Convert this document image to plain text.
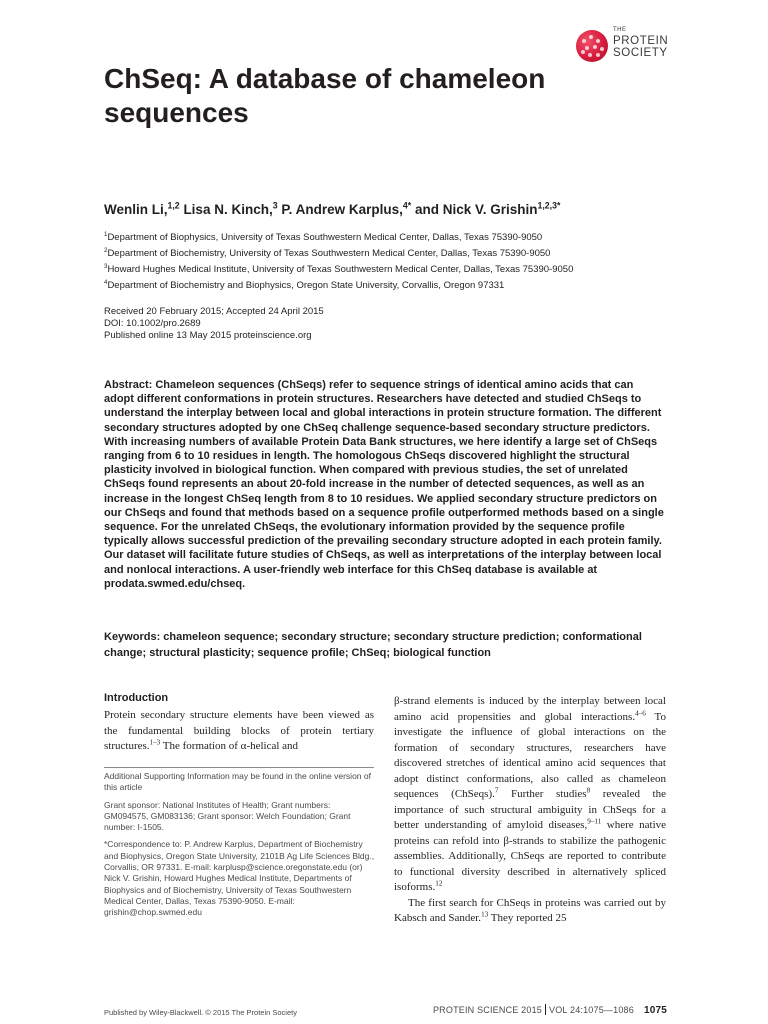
THE
PROTEIN
SOCIETY
ChSeq: A database of chameleon sequences
Wenlin Li,$^{1,2}$ Lisa N. Kinch,$^3$ P. Andrew Karplus,$^{4*}$ and Nick V. Grishin$^{1,2,3*}$
$^1$Department of Biophysics, University of Texas Southwestern Medical Center, Dallas, Texas 75390-9050
$^2$Department of Biochemistry, University of Texas Southwestern Medical Center, Dallas, Texas 75390-9050
$^3$Howard Hughes Medical Institute, University of Texas Southwestern Medical Center, Dallas, Texas 75390-9050
$^4$Department of Biochemistry and Biophysics, Oregon State University, Corvallis, Oregon 97331
Received 20 February 2015; Accepted 24 April 2015
DOI: 10.1002/pro.2689
Published online 13 May 2015 proteinscience.org

Abstract: Chameleon sequences (ChSeqs) refer to sequence strings of identical amino acids that can adopt different conformations in protein structures. Researchers have detected and studied ChSeqs to understand the interplay between local and global interactions in protein structure formation. The different secondary structures adopted by one ChSeq challenge sequence-based secondary structure predictors. With increasing numbers of available Protein Data Bank structures, we here identify a large set of ChSeqs ranging from 6 to 10 residues in length. The homologous ChSeqs discovered highlight the structural plasticity involved in biological function. When compared with previous studies, the set of unrelated ChSeqs found represents an about 20-fold increase in the number of detected sequences, as well as an increase in the longest ChSeq length from 8 to 10 residues. We applied secondary structure predictors on our ChSeqs and found that methods based on a sequence profile outperformed methods based on a single sequence. For the unrelated ChSeqs, the evolutionary information provided by the sequence profile typically allows successful prediction of the prevailing secondary structure adopted in each protein family. Our dataset will facilitate future studies of ChSeqs, as well as interpretations of the interplay between local and nonlocal interactions. A user-friendly web interface for this ChSeq database is available at prodata.swmed.edu/chseq.

Keywords: chameleon sequence; secondary structure; secondary structure prediction; conformational change; structural plasticity; sequence profile; ChSeq; biological function

Introduction

Protein secondary structure elements have been viewed as the fundamental building blocks of protein tertiary structures.$^{1-3}$ The formation of α-helical and

Additional Supporting Information may be found in the online version of this article

Grant sponsor: National Institutes of Health; Grant numbers: GM094575, GM083136; Grant sponsor: Welch Foundation; Grant number: I-1505.

*Correspondence to: P. Andrew Karplus, Department of Biochemistry and Biophysics, Oregon State University, 2101B Ag Life Sciences Bldg., Corvallis, OR 97331. E-mail: karplusp@science.oregonstate.edu (or) Nick V. Grishin, Howard Hughes Medical Institute, Departments of Biophysics and of Biochemistry, University of Texas Southwestern Medical Center, Dallas, Texas 75390-9050. E-mail: grishin@chop.swmed.edu

β-strand elements is induced by the interplay between local amino acid propensities and global interactions.$^{4-6}$ To investigate the influence of global interactions on the formation of secondary structures, researchers have discovered stretches of identical amino acid sequences that adopt distinct conformations, also called as chameleon sequences (ChSeqs).$^7$ Further studies$^8$ revealed the importance of such structural ambiguity in ChSeqs for a better understanding of amyloid diseases,$^{9-11}$ where native proteins can refold into β-strands to stabilize the pathogenic assemblies. Additionally, ChSeqs are reported to contribute to functional diversity described in alternatively spliced isoforms.$^{12}$

The first search for ChSeqs in proteins was carried out by Kabsch and Sander.$^{13}$ They reported 25

Published by Wiley-Blackwell. © 2015 The Protein Society	PROTEIN SCIENCE 2015 VOL 24:1075—1086 1075
